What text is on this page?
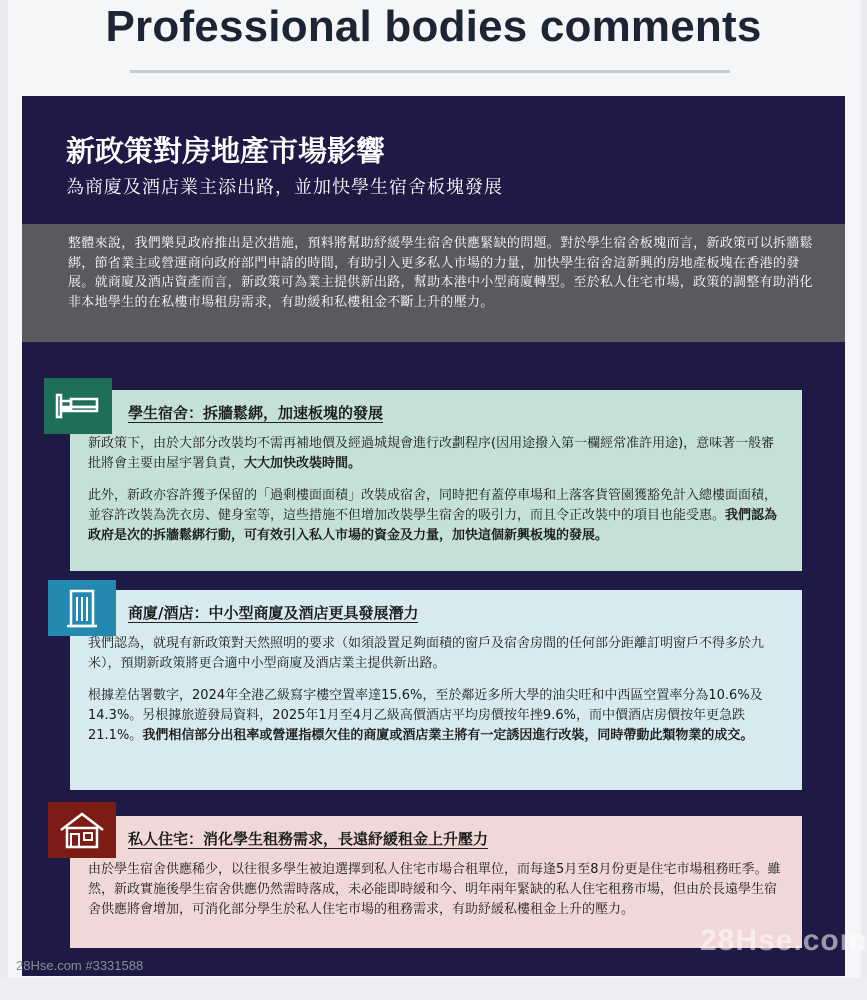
Professional bodies comments
新政策對房地產市場影響
為商廈及酒店業主添出路，並加快學生宿舍板塊發展
整體來說，我們樂見政府推出是次措施，預料將幫助紓緩學生宿舍供應緊缺的問題。對於學生宿舍板塊而言，新政策可以拆牆鬆綁，節省業主或營運商向政府部門申請的時間，有助引入更多私人市場的力量，加快學生宿舍這新興的房地產板塊在香港的發展。就商廈及酒店資產而言，新政策可為業主提供新出路，幫助本港中小型商廈轉型。至於私人住宅市場，政策的調整有助消化非本地學生的在私樓市場租房需求，有助緩和私樓租金不斷上升的壓力。
學生宿舍：拆牆鬆綁，加速板塊的發展
新政策下，由於大部分改裝均不需再補地價及經過城規會進行改劃程序(因用途撥入第一欄經常准許用途)，意味著一般審批將會主要由屋宇署負責，大大加快改裝時間。
此外，新政亦容許獲予保留的「過剩樓面面積」改裝成宿舍，同時把有蓋停車場和上落客貨管園獲豁免計入總樓面面積，並容許改裝為洗衣房、健身室等，這些措施不但增加改裝學生宿舍的吸引力，而且令正改裝中的項目也能受惠。我們認為政府是次的拆牆鬆綁行動，可有效引入私人市場的資金及力量，加快這個新興板塊的發展。
商廈/酒店：中小型商廈及酒店更具發展潛力
我們認為，就現有新政策對天然照明的要求（如須設置足夠面積的窗戶及宿舍房間的任何部分距離訂明窗戶不得多於九米），預期新政策將更合適中小型商廈及酒店業主提供新出路。
根據差估署數字，2024年全港乙級寫字樓空置率達15.6%，至於鄰近多所大學的油尖旺和中西區空置率分為10.6%及14.3%。另根據旅遊發局資料，2025年1月至4月乙級高價酒店平均房價按年挫9.6%，而中價酒店房價按年更急跌21.1%。我們相信部分出租率或營運指標欠佳的商廈或酒店業主將有一定誘因進行改裝，同時帶動此類物業的成交。
私人住宅：消化學生租務需求，長遠紓緩租金上升壓力
由於學生宿舍供應稀少，以往很多學生被迫選擇到私人住宅市場合租單位，而每逢5月至8月份更是住宅市場租務旺季。雖然，新政實施後學生宿舍供應仍然需時落成，未必能即時緩和今、明年兩年緊缺的私人住宅租務市場，但由於長遠學生宿舍供應將會增加，可消化部分學生於私人住宅市場的租務需求，有助紓緩私樓租金上升的壓力。
28Hse.com #3331588
28Hse.com
